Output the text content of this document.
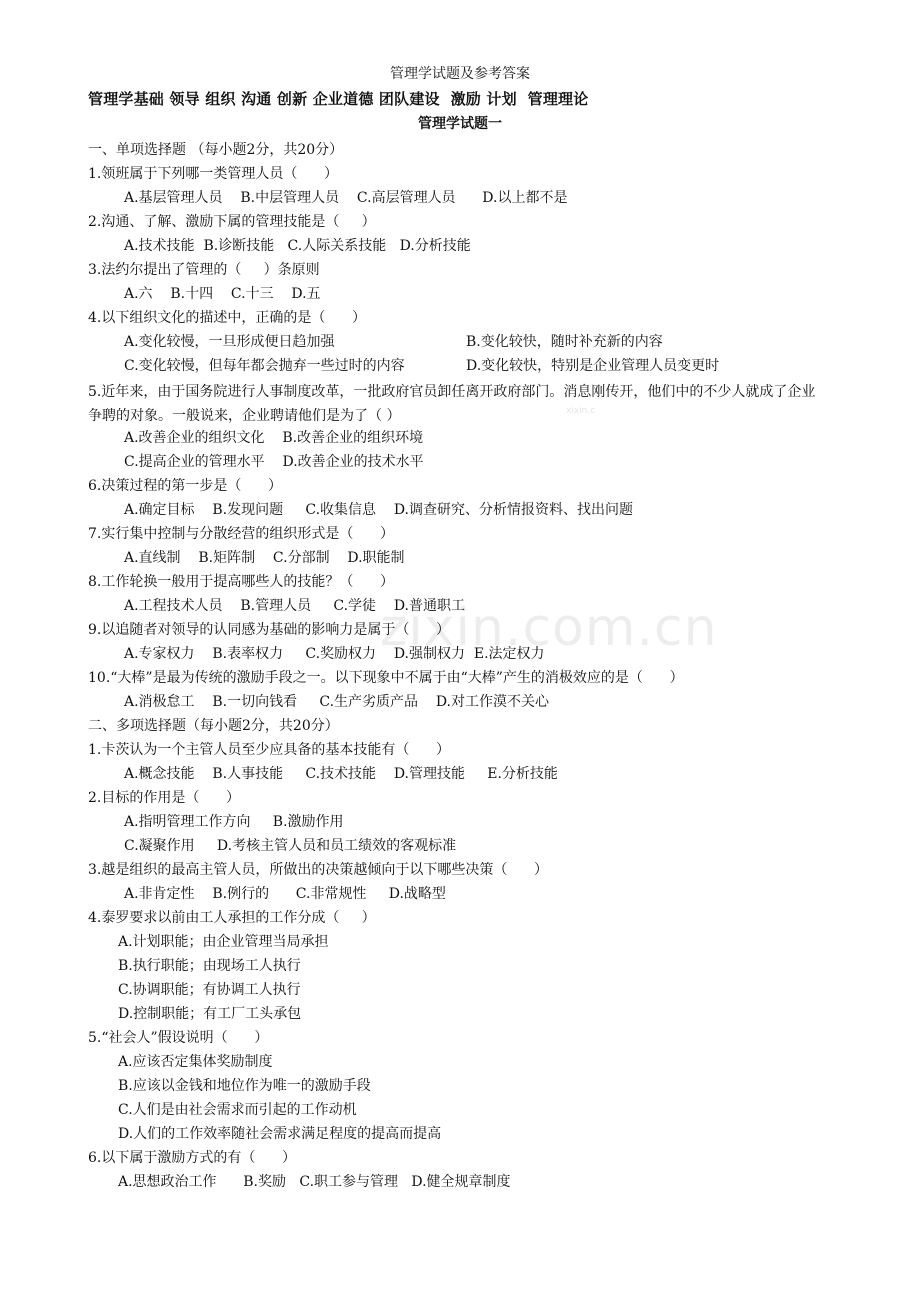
zixin.com.cn
xixin.c
管理学试题及参考答案
管理学基础 领导 组织 沟通 创新 企业道德 团队建设  激励 计划  管理理论
管理学试题一
一、单项选择题 （每小题2分，共20分）
1.领班属于下列哪一类管理人员（      ）
A.基层管理人员    B.中层管理人员    C.高层管理人员      D.以上都不是
2.沟通、了解、激励下属的管理技能是（     ）
A.技术技能  B.诊断技能   C.人际关系技能   D.分析技能
3.法约尔提出了管理的（     ）条原则
A.六    B.十四    C.十三    D.五
4.以下组织文化的描述中，正确的是（      ）
A.变化较慢，一旦形成便日趋加强	B.变化较快，随时补充新的内容
C.变化较慢，但每年都会抛弃一些过时的内容	D.变化较快，特别是企业管理人员变更时
5.近年来，由于国务院进行人事制度改革，一批政府官员卸任离开政府部门。消息刚传开，他们中的不少人就成了企业争聘的对象。一般说来，企业聘请他们是为了（ ）
A.改善企业的组织文化    B.改善企业的组织环境
C.提高企业的管理水平    D.改善企业的技术水平
6.决策过程的第一步是（      ）
A.确定目标    B.发现问题     C.收集信息    D.调查研究、分析情报资料、找出问题
7.实行集中控制与分散经营的组织形式是（      ）
A.直线制    B.矩阵制    C.分部制    D.职能制
8.工作轮换一般用于提高哪些人的技能？（      ）
A.工程技术人员    B.管理人员     C.学徒    D.普通职工
9.以追随者对领导的认同感为基础的影响力是属于（      ）
A.专家权力    B.表率权力     C.奖励权力    D.强制权力  E.法定权力
10.“大棒”是最为传统的激励手段之一。以下现象中不属于由“大棒”产生的消极效应的是（      ）
A.消极怠工    B.一切向钱看     C.生产劣质产品    D.对工作漠不关心
二、多项选择题（每小题2分，共20分）
1.卡茨认为一个主管人员至少应具备的基本技能有（      ）
A.概念技能    B.人事技能     C.技术技能    D.管理技能     E.分析技能
2.目标的作用是（      ）
A.指明管理工作方向     B.激励作用
C.凝聚作用     D.考核主管人员和员工绩效的客观标准
3.越是组织的最高主管人员，所做出的决策越倾向于以下哪些决策（      ）
A.非肯定性    B.例行的      C.非常规性     D.战略型
4.泰罗要求以前由工人承担的工作分成（     ）
A.计划职能；由企业管理当局承担
B.执行职能；由现场工人执行
C.协调职能；有协调工人执行
D.控制职能；有工厂工头承包
5.“社会人”假设说明（      ）
A.应该否定集体奖励制度
B.应该以金钱和地位作为唯一的激励手段
C.人们是由社会需求而引起的工作动机
D.人们的工作效率随社会需求满足程度的提高而提高
6.以下属于激励方式的有（      ）
A.思想政治工作      B.奖励   C.职工参与管理   D.健全规章制度
